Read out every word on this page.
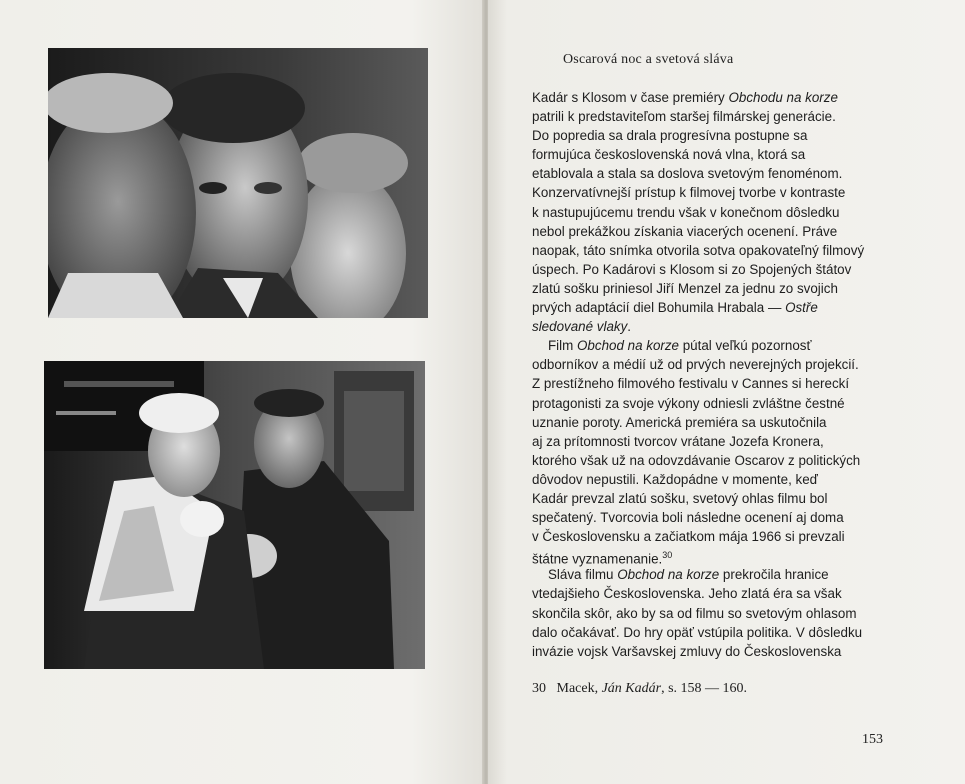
Oscarová noc a svetová sláva
Kadár s Klosom v čase premiéry Obchodu na korze
patrili k predstaviteľom staršej filmárskej generácie.
Do popredia sa drala progresívna postupne sa
formujúca československá nová vlna, ktorá sa
etablovala a stala sa doslova svetovým fenoménom.
Konzervatívnejší prístup k filmovej tvorbe v kontraste
k nastupujúcemu trendu však v konečnom dôsledku
nebol prekážkou získania viacerých ocenení. Práve
naopak, táto snímka otvorila sotva opakovateľný filmový
úspech. Po Kadárovi s Klosom si zo Spojených štátov
zlatú sošku priniesol Jiří Menzel za jednu zo svojich
prvých adaptácií diel Bohumila Hrabala — Ostře
sledované vlaky.
Film Obchod na korze pútal veľkú pozornosť
odborníkov a médií už od prvých neverejných projekcií.
Z prestížneho filmového festivalu v Cannes si hereckí
protagonisti za svoje výkony odniesli zvláštne čestné
uznanie poroty. Americká premiéra sa uskutočnila
aj za prítomnosti tvorcov vrátane Jozefa Kronera,
ktorého však už na odovzdávanie Oscarov z politických
dôvodov nepustili. Každopádne v momente, keď
Kadár prevzal zlatú sošku, svetový ohlas filmu bol
spečatený. Tvorcovia boli následne ocenení aj doma
v Československu a začiatkom mája 1966 si prevzali
štátne vyznamenanie.$^{30}$
Sláva filmu Obchod na korze prekročila hranice
vtedajšieho Československa. Jeho zlatá éra sa však
skončila skôr, ako by sa od filmu so svetovým ohlasom
dalo očakávať. Do hry opäť vstúpila politika. V dôsledku
invázie vojsk Varšavskej zmluvy do Československa
30 Macek, Ján Kadár, s. 158 — 160.
153
